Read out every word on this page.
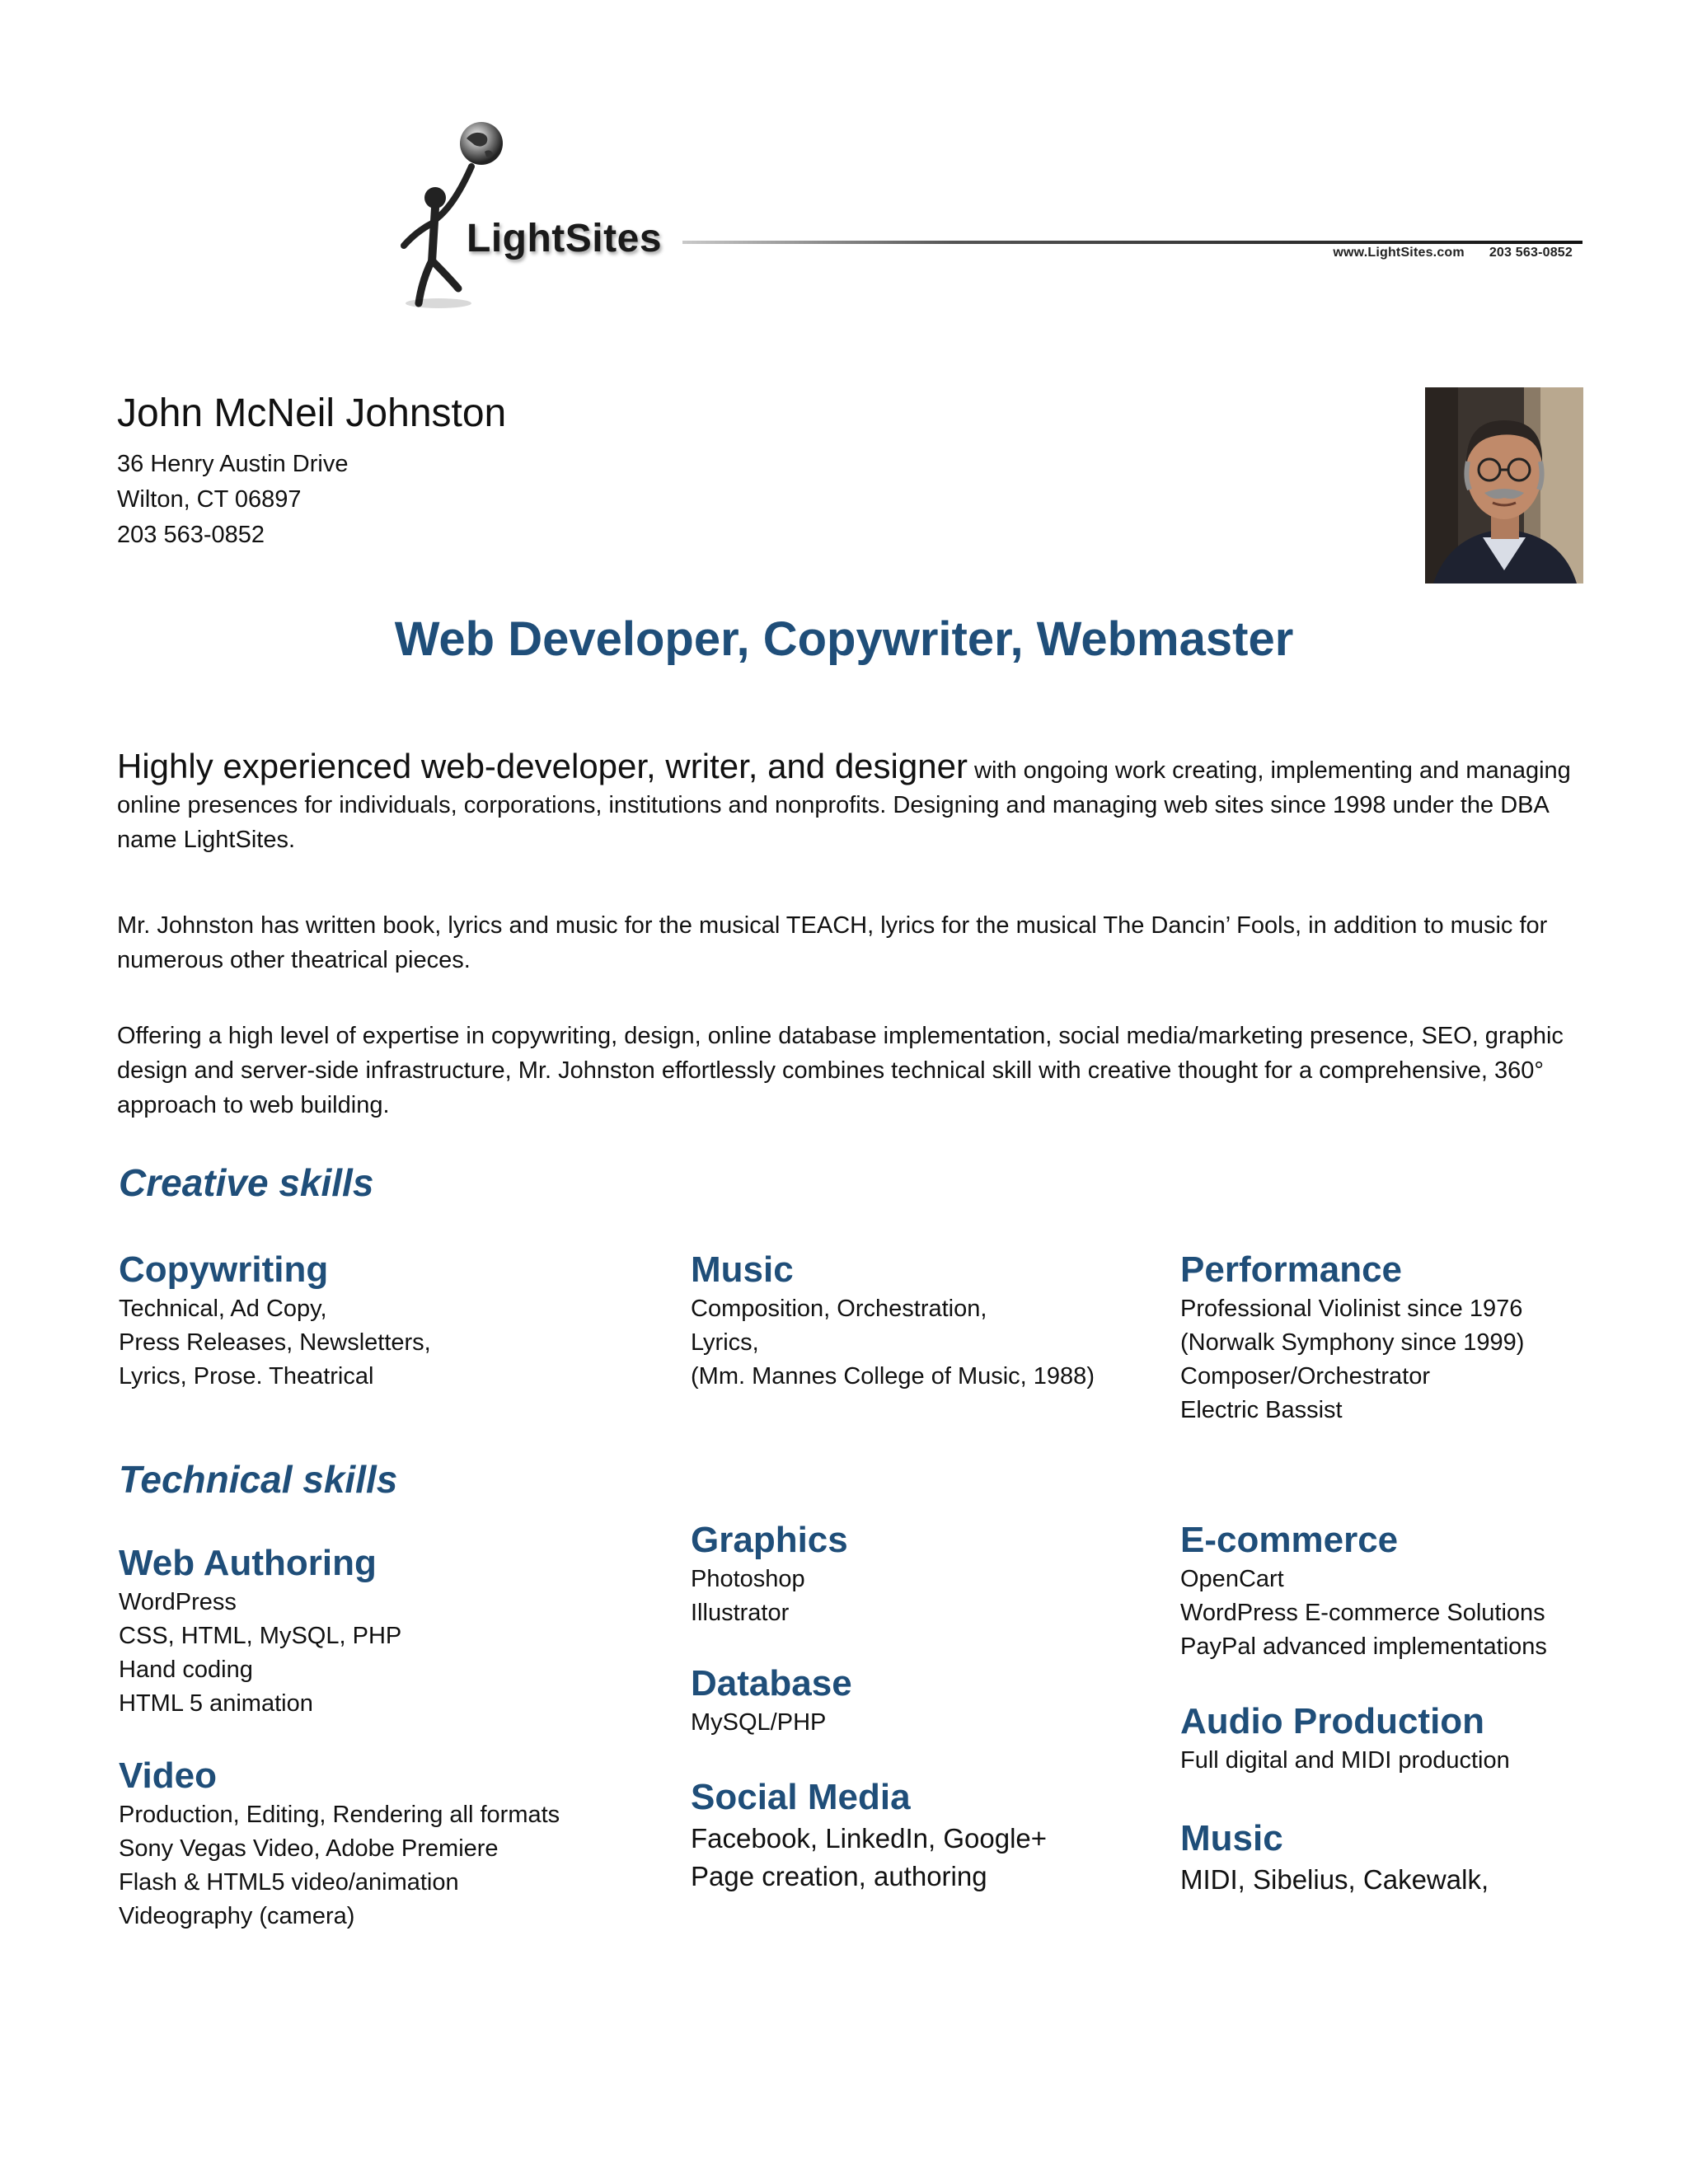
LightSites	www.LightSites.com 203 563-0852
John McNeil Johnston
36 Henry Austin Drive
Wilton, CT 06897
203 563-0852
Web Developer, Copywriter, Webmaster
Highly experienced web-developer, writer, and designer with ongoing work creating, implementing and managing online presences for individuals, corporations, institutions and nonprofits. Designing and managing web sites since 1998 under the DBA name LightSites.
Mr. Johnston has written book, lyrics and music for the musical TEACH, lyrics for the musical The Dancin’ Fools, in addition to music for numerous other theatrical pieces.
Offering a high level of expertise in copywriting, design, online database implementation, social media/marketing presence, SEO, graphic design and server-side infrastructure, Mr. Johnston effortlessly combines technical skill with creative thought for a comprehensive, 360° approach to web building.
Creative skills
Copywriting
Technical, Ad Copy,
Press Releases, Newsletters,
Lyrics, Prose. Theatrical
Music
Composition, Orchestration,
Lyrics,
(Mm. Mannes College of Music, 1988)
Performance
Professional Violinist since 1976
(Norwalk Symphony since 1999)
Composer/Orchestrator
Electric Bassist
Technical skills
Web Authoring
WordPress
CSS, HTML, MySQL, PHP
Hand coding
HTML 5 animation
Video
Production, Editing, Rendering all formats
Sony Vegas Video, Adobe Premiere
Flash & HTML5 video/animation
Videography (camera)
Graphics
Photoshop
Illustrator
Database
MySQL/PHP
Social Media
Facebook, LinkedIn, Google+
Page creation, authoring
E-commerce
OpenCart
WordPress E-commerce Solutions
PayPal advanced implementations
Audio Production
Full digital and MIDI production
Music
MIDI, Sibelius, Cakewalk,
